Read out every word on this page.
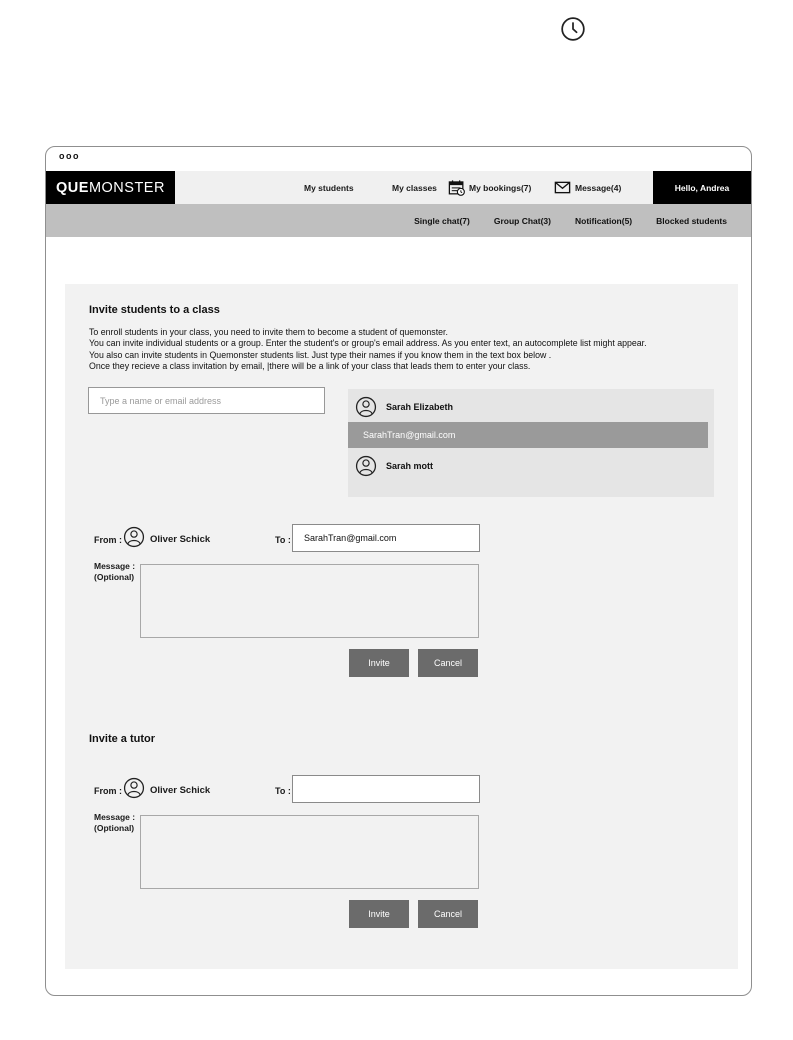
ooo
QUE MONSTER	My students	My classes	My bookings(7)	Message(4)	Hello, Andrea
Single chat(7)	Group Chat(3)	Notification(5)	Blocked students
Invite students to a class
To enroll students in your class, you need to invite them to become a student of quemonster.
You can invite individual students or a group. Enter the student's or group's email address. As you enter text, an autocomplete list might appear.
You also can invite students in Quemonster students list. Just type their names if you know them in the text box below .
Once they recieve a class invitation by email, |there will be a link of your class that leads them to enter your class.
Type a name or email address
Sarah Elizabeth
SarahTran@gmail.com
Sarah mott
From :	Oliver Schick	To :
SarahTran@gmail.com
Message :
(Optional)
Invite	Cancel
Invite a tutor
From :	Oliver Schick	To :
Message :
(Optional)
Invite	Cancel
